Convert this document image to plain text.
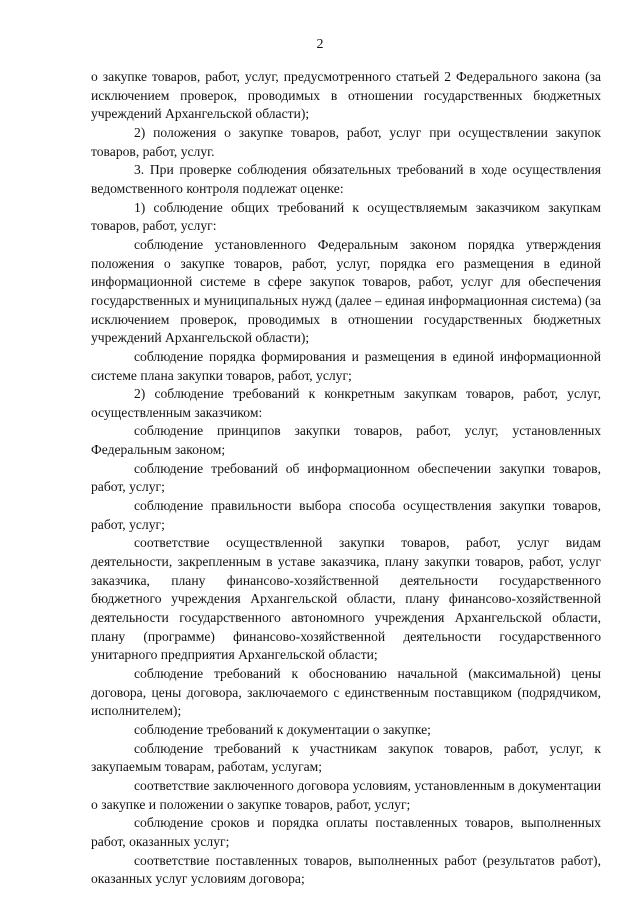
2

о закупке товаров, работ, услуг, предусмотренного статьей 2 Федерального закона (за исключением проверок, проводимых в отношении государственных бюджетных учреждений Архангельской области);

2) положения о закупке товаров, работ, услуг при осуществлении закупок товаров, работ, услуг.

3. При проверке соблюдения обязательных требований в ходе осуществления ведомственного контроля подлежат оценке:

1) соблюдение общих требований к осуществляемым заказчиком закупкам товаров, работ, услуг:

соблюдение установленного Федеральным законом порядка утверждения положения о закупке товаров, работ, услуг, порядка его размещения в единой информационной системе в сфере закупок товаров, работ, услуг для обеспечения государственных и муниципальных нужд (далее – единая информационная система) (за исключением проверок, проводимых в отношении государственных бюджетных учреждений Архангельской области);

соблюдение порядка формирования и размещения в единой информационной системе плана закупки товаров, работ, услуг;

2) соблюдение требований к конкретным закупкам товаров, работ, услуг, осуществленным заказчиком:

соблюдение принципов закупки товаров, работ, услуг, установленных Федеральным законом;

соблюдение требований об информационном обеспечении закупки товаров, работ, услуг;

соблюдение правильности выбора способа осуществления закупки товаров, работ, услуг;

соответствие осуществленной закупки товаров, работ, услуг видам деятельности, закрепленным в уставе заказчика, плану закупки товаров, работ, услуг заказчика, плану финансово-хозяйственной деятельности государственного бюджетного учреждения Архангельской области, плану финансово-хозяйственной деятельности государственного автономного учреждения Архангельской области, плану (программе) финансово-хозяйственной деятельности государственного унитарного предприятия Архангельской области;

соблюдение требований к обоснованию начальной (максимальной) цены договора, цены договора, заключаемого с единственным поставщиком (подрядчиком, исполнителем);

соблюдение требований к документации о закупке;

соблюдение требований к участникам закупок товаров, работ, услуг, к закупаемым товарам, работам, услугам;

соответствие заключенного договора условиям, установленным в документации о закупке и положении о закупке товаров, работ, услуг;

соблюдение сроков и порядка оплаты поставленных товаров, выполненных работ, оказанных услуг;

соответствие поставленных товаров, выполненных работ (результатов работ), оказанных услуг условиям договора;
